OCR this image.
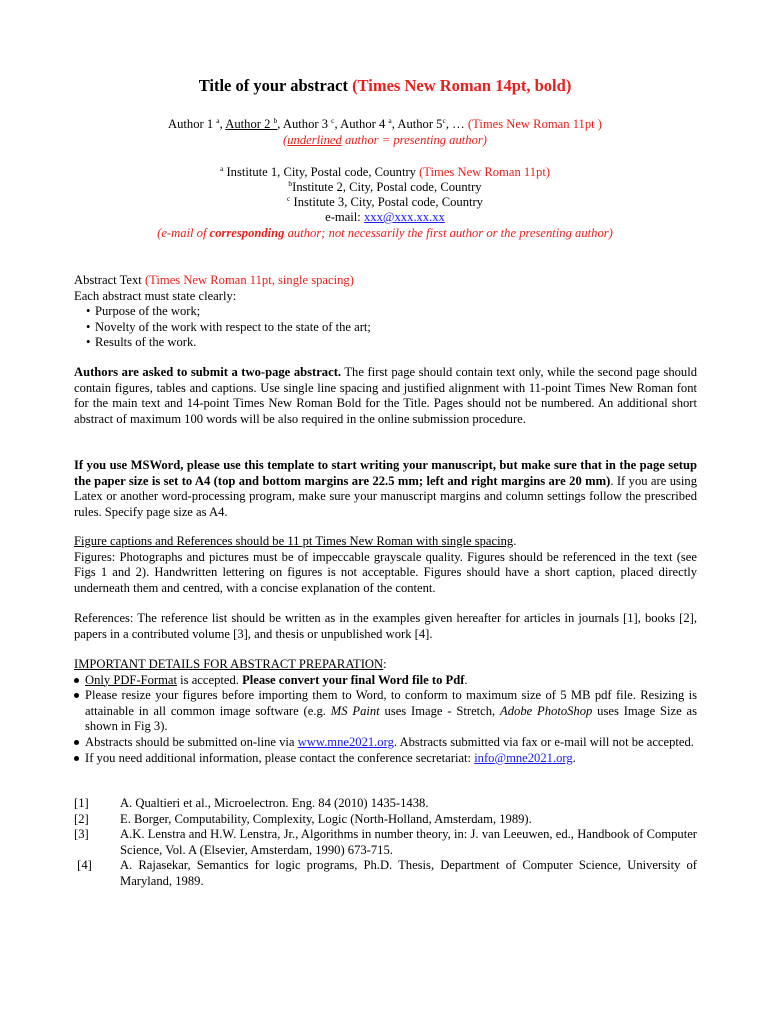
Title of your abstract (Times New Roman 14pt, bold)
Author 1 $^a$, Author 2 $^b$, Author 3 $^c$, Author 4 $^a$, Author 5$^c$, … (Times New Roman 11pt )
(underlined author = presenting author)
$^a$ Institute 1, City, Postal code, Country (Times New Roman 11pt)
$^b$Institute 2, City, Postal code, Country
$^c$ Institute 3, City, Postal code, Country
e-mail: xxx@xxx.xx.xx
(e-mail of corresponding author; not necessarily the first author or the presenting author)
Abstract Text (Times New Roman 11pt, single spacing)
Each abstract must state clearly:
• Purpose of the work;
• Novelty of the work with respect to the state of the art;
• Results of the work.
Authors are asked to submit a two-page abstract. The first page should contain text only, while the second page should contain figures, tables and captions. Use single line spacing and justified alignment with 11-point Times New Roman font for the main text and 14-point Times New Roman Bold for the Title. Pages should not be numbered. An additional short abstract of maximum 100 words will be also required in the online submission procedure.
If you use MSWord, please use this template to start writing your manuscript, but make sure that in the page setup the paper size is set to A4 (top and bottom margins are 22.5 mm; left and right margins are 20 mm). If you are using Latex or another word-processing program, make sure your manuscript margins and column settings follow the prescribed rules. Specify page size as A4.
Figure captions and References should be 11 pt Times New Roman with single spacing.
Figures: Photographs and pictures must be of impeccable grayscale quality. Figures should be referenced in the text (see Figs 1 and 2). Handwritten lettering on figures is not acceptable. Figures should have a short caption, placed directly underneath them and centred, with a concise explanation of the content.
References: The reference list should be written as in the examples given hereafter for articles in journals [1], books [2], papers in a contributed volume [3], and thesis or unpublished work [4].
IMPORTANT DETAILS FOR ABSTRACT PREPARATION:
Only PDF-Format is accepted. Please convert your final Word file to Pdf.
Please resize your figures before importing them to Word, to conform to maximum size of 5 MB pdf file. Resizing is attainable in all common image software (e.g. MS Paint uses Image - Stretch, Adobe PhotoShop uses Image Size as shown in Fig 3).
Abstracts should be submitted on-line via www.mne2021.org. Abstracts submitted via fax or e-mail will not be accepted.
If you need additional information, please contact the conference secretariat: info@mne2021.org.
[1]	A. Qualtieri et al., Microelectron. Eng. 84 (2010) 1435-1438.
[2]	E. Borger, Computability, Complexity, Logic (North-Holland, Amsterdam, 1989).
[3]	A.K. Lenstra and H.W. Lenstra, Jr., Algorithms in number theory, in: J. van Leeuwen, ed., Handbook of Computer Science, Vol. A (Elsevier, Amsterdam, 1990) 673-715.
[4]	A. Rajasekar, Semantics for logic programs, Ph.D. Thesis, Department of Computer Science, University of Maryland, 1989.
